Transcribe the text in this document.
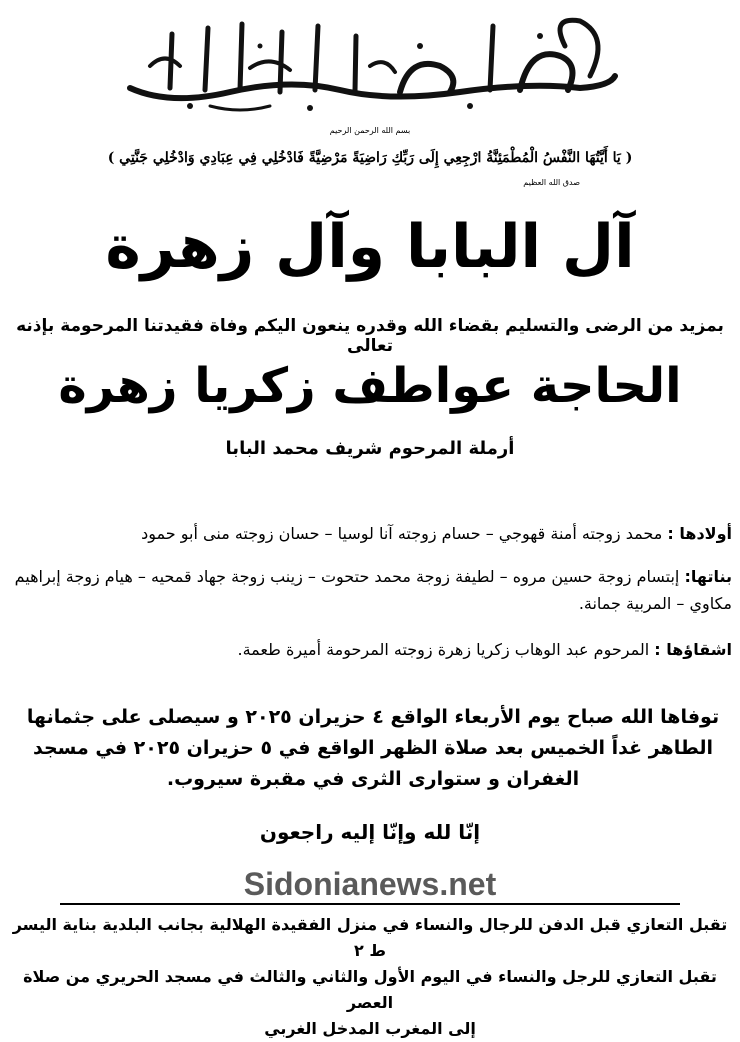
بسم الله الرحمن الرحيم
( يَا أَيَّتُهَا النَّفْسُ الْمُطْمَئِنَّةُ ارْجِعِي إِلَى رَبِّكِ رَاضِيَةً مَرْضِيَّةً فَادْخُلِي فِي عِبَادِي وَادْخُلِي جَنَّتِي )
صدق الله العظيم
آل البابا وآل زهرة
بمزيد من الرضى والتسليم بقضاء الله وقدره ينعون اليكم وفاة فقيدتنا المرحومة بإذنه تعالى
الحاجة عواطف زكريا زهرة
أرملة المرحوم شريف محمد البابا
أولادها : محمد زوجته أمنة قهوجي – حسام زوجته آنا لوسيا – حسان زوجته منى أبو حمود
بناتها: إبتسام زوجة حسين مروه – لطيفة زوجة محمد حتحوت – زينب زوجة جهاد قمحيه – هيام زوجة إبراهيم مكاوي – المربية جمانة.
اشقاؤها : المرحوم عبد الوهاب زكريا زهرة زوجته المرحومة أميرة طعمة.
توفاها الله صباح يوم الأربعاء الواقع ٤ حزيران ٢٠٢٥ و سيصلى على جثمانها الطاهر غداً الخميس بعد صلاة الظهر الواقع في ٥ حزيران ٢٠٢٥ في مسجد الغفران و ستوارى الثرى في مقبرة سيروب.
إنّا لله وإنّا إليه راجعون
Sidonianews.net
تقبل التعازي قبل الدفن للرجال والنساء في منزل الفقيدة الهلالية بجانب البلدية بناية اليسر ط ٢
تقبل التعازي للرجل والنساء في اليوم الأول والثاني والثالث في مسجد الحريري من صلاة العصر
إلى المغرب المدخل الغربي
